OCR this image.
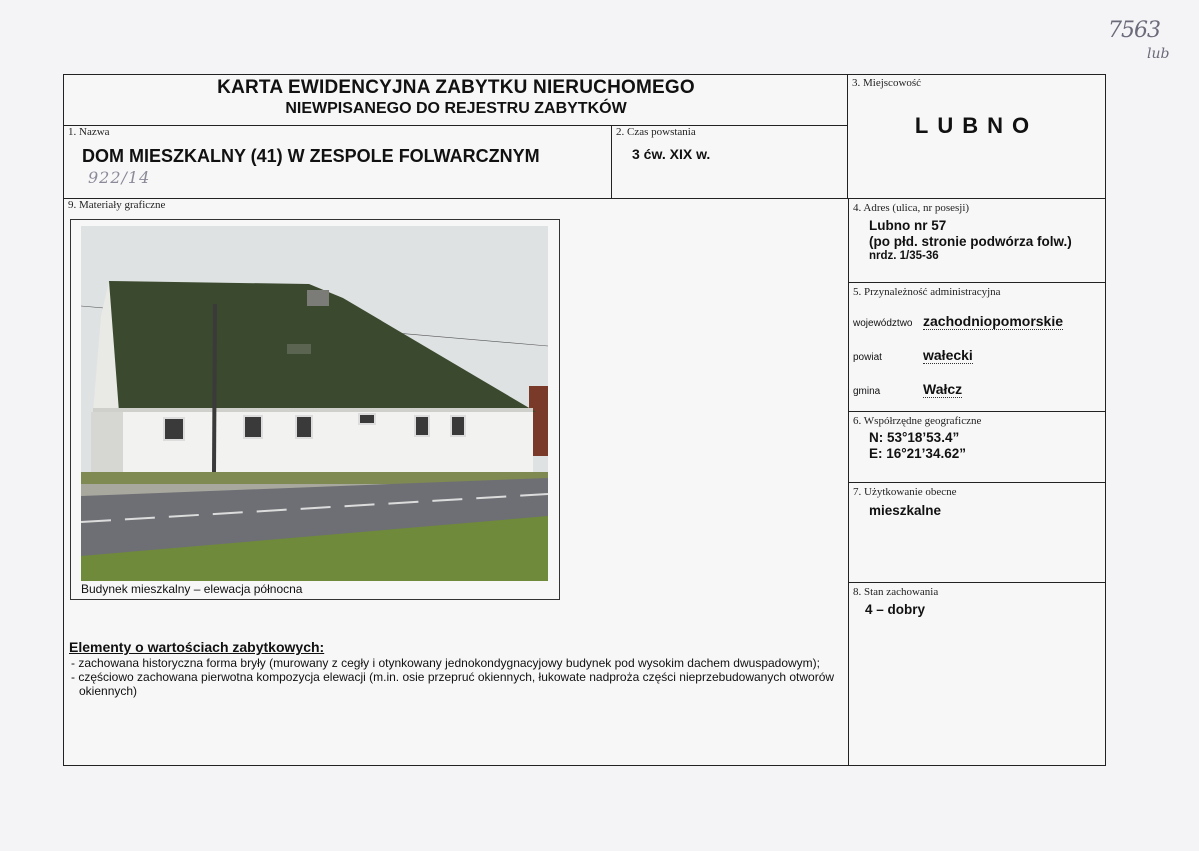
7563
lub
KARTA EWIDENCYJNA ZABYTKU NIERUCHOMEGO
NIEWPISANEGO DO REJESTRU ZABYTKÓW
1. Nazwa
DOM MIESZKALNY (41) W ZESPOLE FOLWARCZNYM
2. Czas powstania
3 ćw. XIX w.
3. Miejscowość
LUBNO
4. Adres (ulica, nr posesji)
Lubno nr 57
(po płd. stronie podwórza folw.)
nrdz. 1/35-36
5. Przynależność administracyjna
województwo zachodniopomorskie
powiat	wałecki
gmina	Wałcz
6. Współrzędne geograficzne
N: 53°18’53.4”
E: 16°21’34.62”
7. Użytkowanie obecne
mieszkalne
8. Stan zachowania
4 – dobry
9. Materiały graficzne
Budynek mieszkalny – elewacja północna
Elementy o wartościach zabytkowych:
- zachowana historyczna forma bryły (murowany z cegły i otynkowany jednokondygnacyjowy budynek pod wysokim dachem dwuspadowym);
- częściowo zachowana pierwotna kompozycja elewacji (m.in. osie przepruć okiennych, łukowate nadproża części nieprzebudowanych otworów okiennych)
922/14
